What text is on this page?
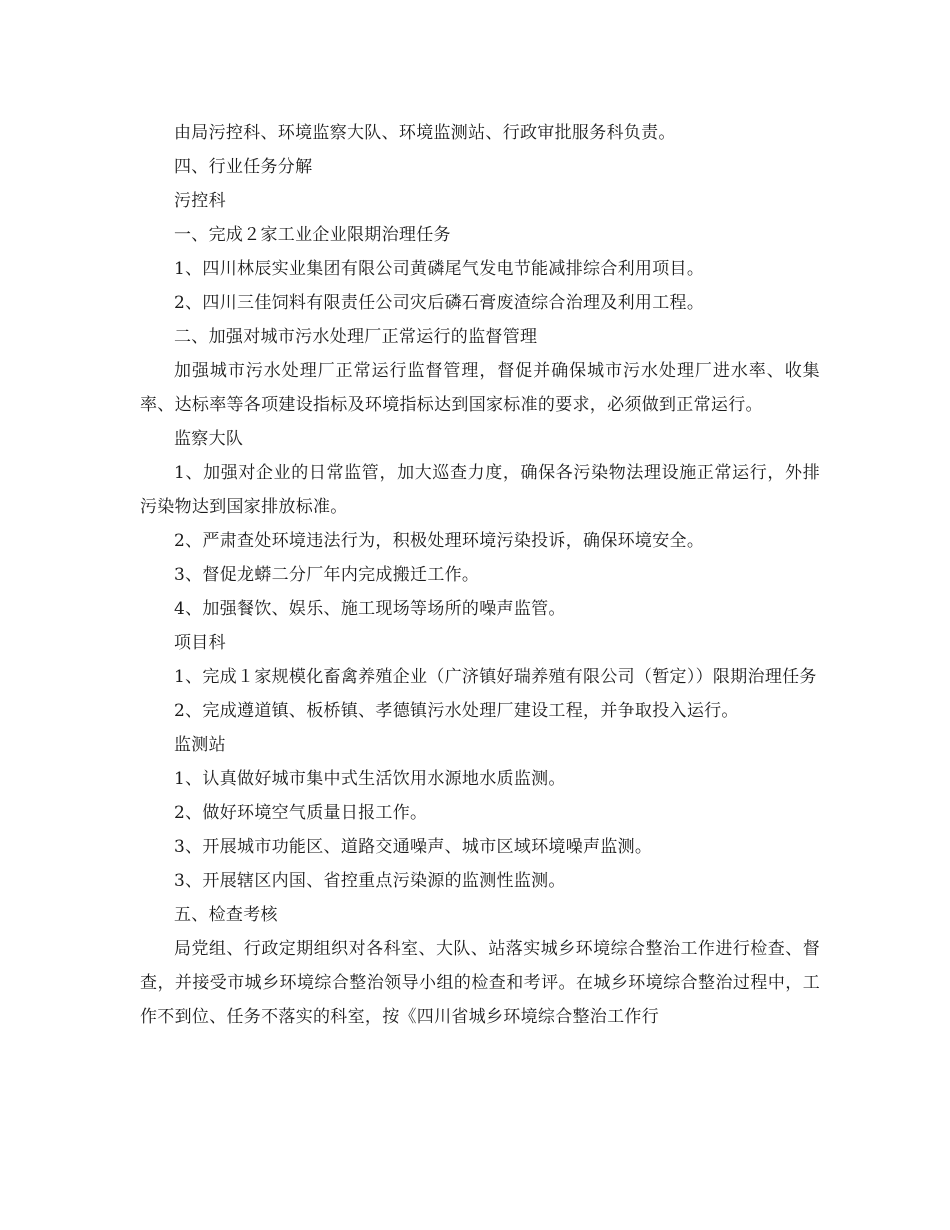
由局污控科、环境监察大队、环境监测站、行政审批服务科负责。

四、行业任务分解

污控科

一、完成２家工业企业限期治理任务

1、四川林辰实业集团有限公司黄磷尾气发电节能减排综合利用项目。

2、四川三佳饲料有限责任公司灾后磷石膏废渣综合治理及利用工程。

二、加强对城市污水处理厂正常运行的监督管理

加强城市污水处理厂正常运行监督管理，督促并确保城市污水处理厂进水率、收集率、达标率等各项建设指标及环境指标达到国家标准的要求，必须做到正常运行。

监察大队

1、加强对企业的日常监管，加大巡查力度，确保各污染物法理设施正常运行，外排污染物达到国家排放标准。

2、严肃查处环境违法行为，积极处理环境污染投诉，确保环境安全。

3、督促龙蟒二分厂年内完成搬迁工作。

4、加强餐饮、娱乐、施工现场等场所的噪声监管。

项目科

1、完成１家规模化畜禽养殖企业（广济镇好瑞养殖有限公司（暂定））限期治理任务

2、完成遵道镇、板桥镇、孝德镇污水处理厂建设工程，并争取投入运行。

监测站

1、认真做好城市集中式生活饮用水源地水质监测。

2、做好环境空气质量日报工作。

3、开展城市功能区、道路交通噪声、城市区域环境噪声监测。

3、开展辖区内国、省控重点污染源的监测性监测。

五、检查考核

局党组、行政定期组织对各科室、大队、站落实城乡环境综合整治工作进行检查、督查，并接受市城乡环境综合整治领导小组的检查和考评。在城乡环境综合整治过程中，工作不到位、任务不落实的科室，按《四川省城乡环境综合整治工作行
